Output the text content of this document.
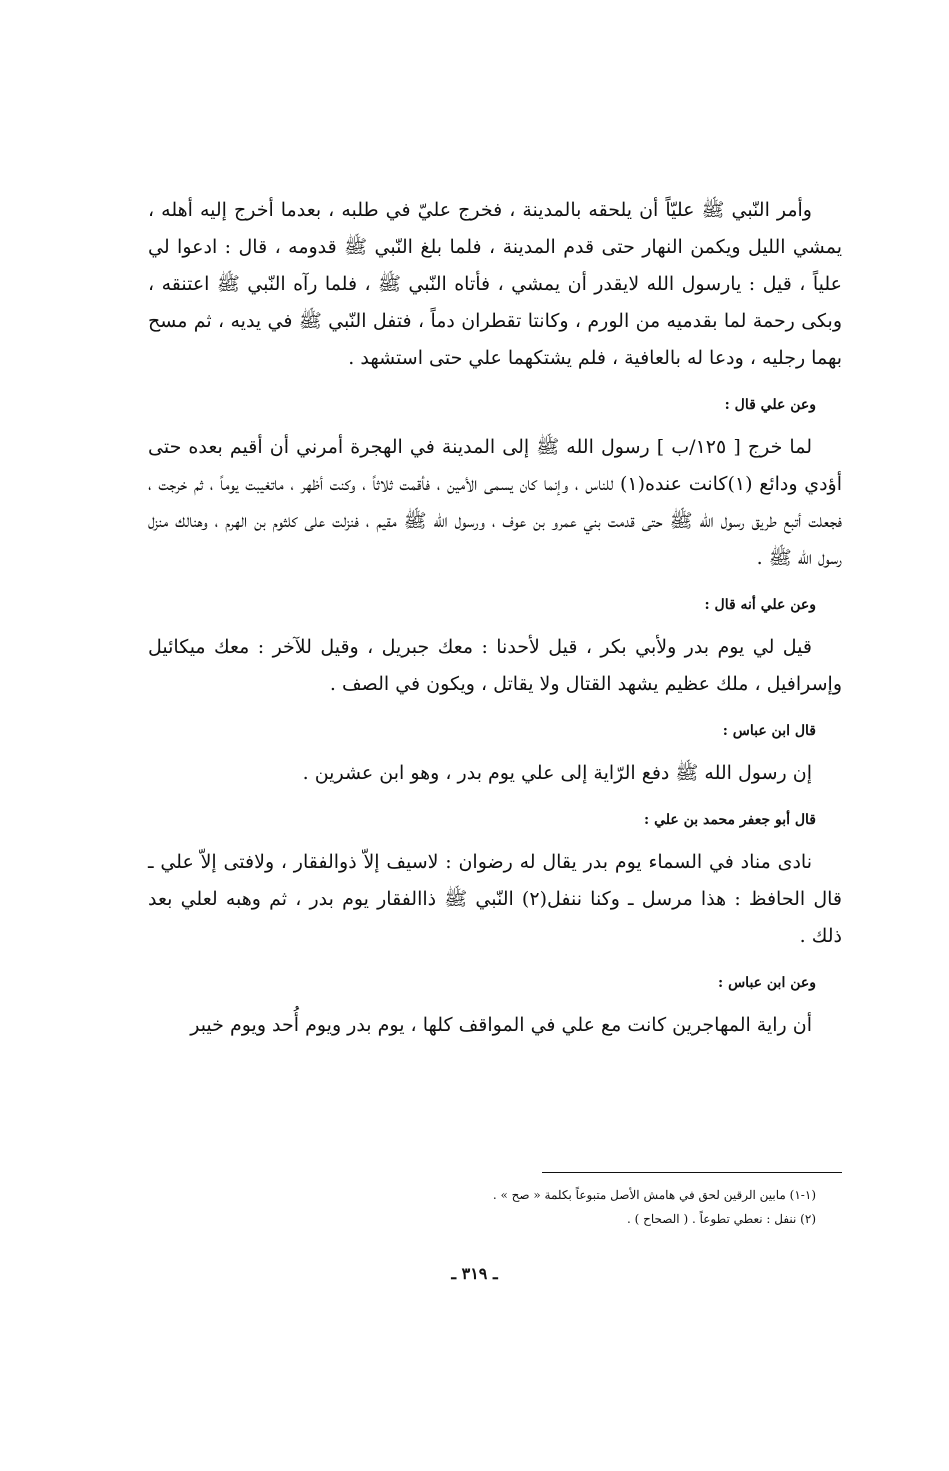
وأمر النّبي ﷺ عليّاً أن يلحقه بالمدينة ، فخرج عليّ في طلبه ، بعدما أخرج إليه أهله ، يمشي الليل ويكمن النهار حتى قدم المدينة ، فلما بلغ النّبي ﷺ قدومه ، قال : ادعوا لي علياً ، قيل : يارسول الله لايقدر أن يمشي ، فأتاه النّبي ﷺ ، فلما رآه النّبي ﷺ اعتنقه ، وبكى رحمة لما بقدميه من الورم ، وكانتا تقطران دماً ، فتفل النّبي ﷺ في يديه ، ثم مسح بهما رجليه ، ودعا له بالعافية ، فلم يشتكهما علي حتى استشهد .

وعن علي قال :

لما خرج [ ١٢٥/ب ] رسول الله ﷺ إلى المدينة في الهجرة أمرني أن أقيم بعده حتى أؤدي ودائع (١)كانت عنده(١) للناس ، وإنما كان يسمى الأمين ، فأقمت ثلاثاً ، وكنت أظهر ، ماتغيبت يوماً ، ثم خرجت ، فجعلت أتبع طريق رسول الله ﷺ حتى قدمت بني عمرو بن عوف ، ورسول الله ﷺ مقيم ، فنزلت على كلثوم بن الهرم ، وهنالك منزل رسول الله ﷺ .

وعن علي أنه قال :

قيل لي يوم بدر ولأبي بكر ، قيل لأحدنا : معك جبريل ، وقيل للآخر : معك ميكائيل وإسرافيل ، ملك عظيم يشهد القتال ولا يقاتل ، ويكون في الصف .

قال ابن عباس :

إن رسول الله ﷺ دفع الرّاية إلى علي يوم بدر ، وهو ابن عشرين .

قال أبو جعفر محمد بن علي :

نادى مناد في السماء يوم بدر يقال له رضوان : لاسيف إلاّ ذوالفقار ، ولافتى إلاّ علي ـ قال الحافظ : هذا مرسل ـ وكنا ننفل(٢) النّبي ﷺ ذاالفقار يوم بدر ، ثم وهبه لعلي بعد ذلك .

وعن ابن عباس :

أن راية المهاجرين كانت مع علي في المواقف كلها ، يوم بدر ويوم أُحد ويوم خيبر

(١-١) مابين الرقين لحق في هامش الأصل متبوعاً بكلمة « صح » .

(٢) ننفل : نعطي تطوعاً . ( الصحاح ) .

ـ ٣١٩ ـ
